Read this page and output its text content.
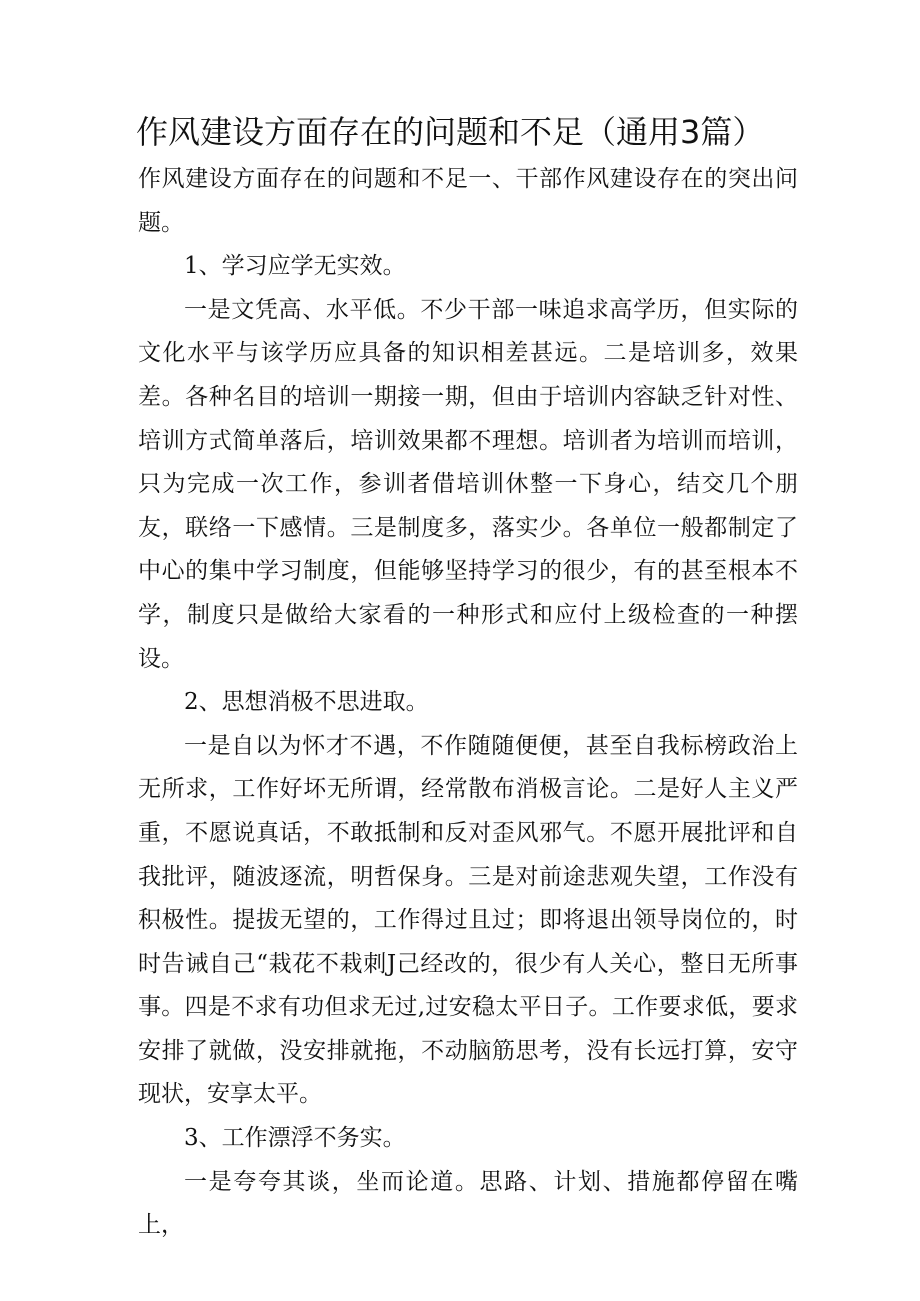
作风建设方面存在的问题和不足（通用3篇）

作风建设方面存在的问题和不足一、干部作风建设存在的突出问题。

1、学习应学无实效。

一是文凭高、水平低。不少干部一味追求高学历，但实际的文化水平与该学历应具备的知识相差甚远。二是培训多，效果差。各种名目的培训一期接一期，但由于培训内容缺乏针对性、培训方式简单落后，培训效果都不理想。培训者为培训而培训，只为完成一次工作，参训者借培训休整一下身心，结交几个朋友，联络一下感情。三是制度多，落实少。各单位一般都制定了中心的集中学习制度，但能够坚持学习的很少，有的甚至根本不学，制度只是做给大家看的一种形式和应付上级检查的一种摆设。

2、思想消极不思进取。

一是自以为怀才不遇，不作随随便便，甚至自我标榜政治上无所求，工作好坏无所谓，经常散布消极言论。二是好人主义严重，不愿说真话，不敢抵制和反对歪风邪气。不愿开展批评和自我批评，随波逐流，明哲保身。三是对前途悲观失望，工作没有积极性。提拔无望的，工作得过且过；即将退出领导岗位的，时时告诫自己“栽花不栽刺J己经改的，很少有人关心，整日无所事事。四是不求有功但求无过,过安稳太平日子。工作要求低，要求安排了就做，没安排就拖，不动脑筋思考，没有长远打算，安守现状，安享太平。

3、工作漂浮不务实。

一是夸夸其谈，坐而论道。思路、计划、措施都停留在嘴上，
